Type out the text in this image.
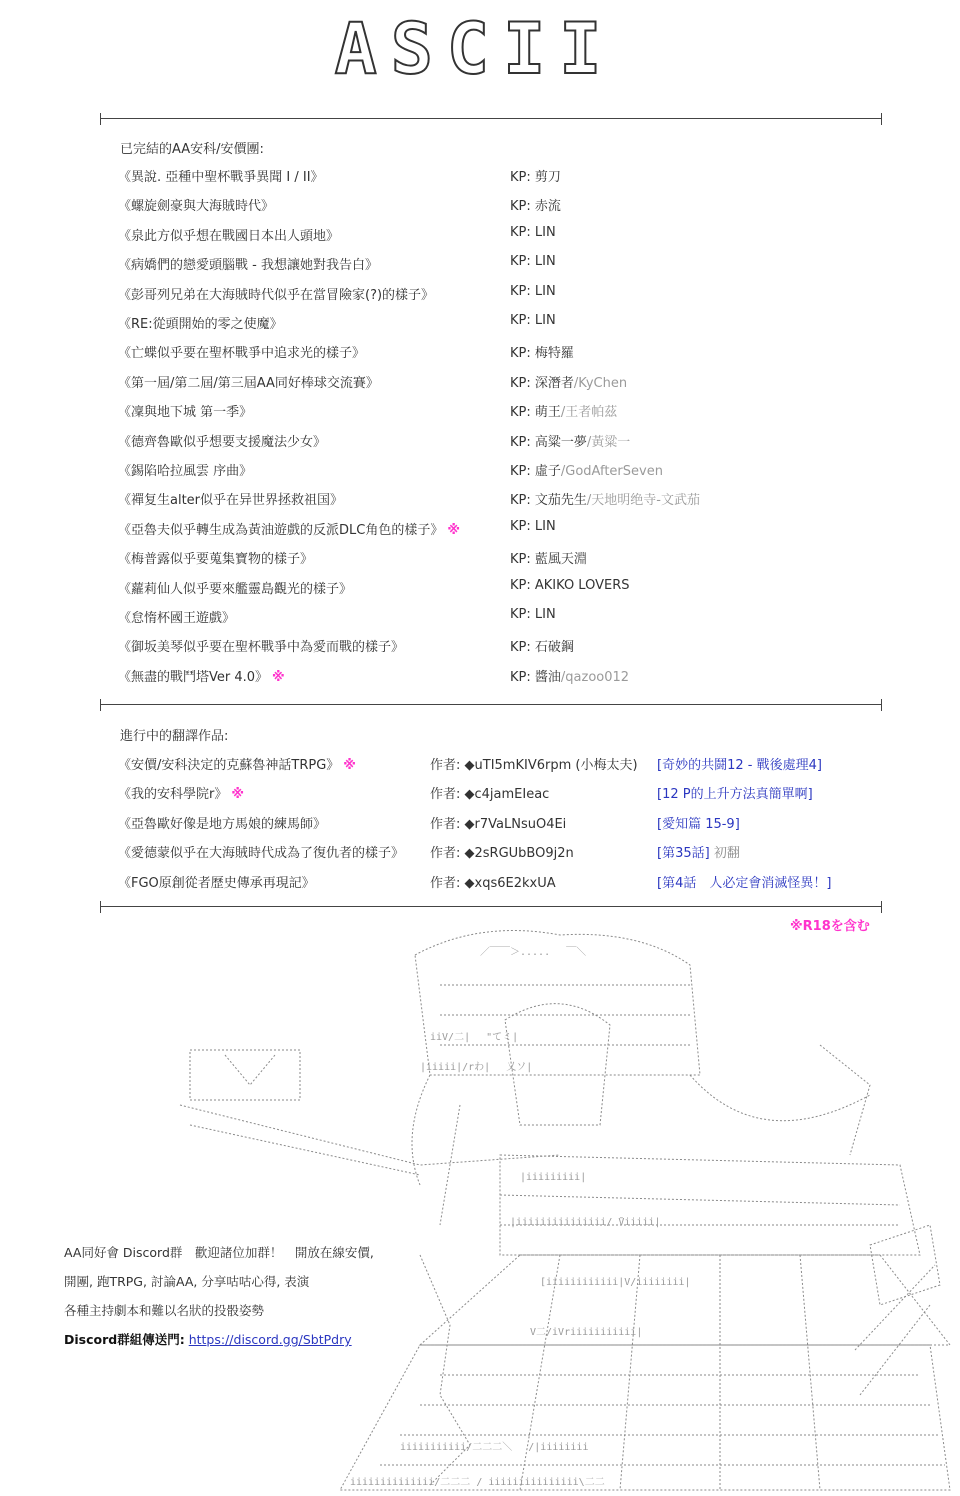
ASCII
已完結的AA安科/安價團:
《異說. 亞種中聖杯戰爭異聞 I / II》	KP: 剪刀
《螺旋劍豪與大海賊時代》	KP: 赤流
《泉此方似乎想在戰國日本出人頭地》	KP: LIN
《病嬌們的戀愛頭腦戰 - 我想讓她對我告白》	KP: LIN
《彭哥列兄弟在大海賊時代似乎在當冒險家(?)的樣子》	KP: LIN
《RE:從頭開始的零之使魔》	KP: LIN
《亡蝶似乎要在聖杯戰爭中追求光的樣子》	KP: 梅特羅
《第一屆/第二屆/第三屆AA同好棒球交流賽》	KP: 深潛者/KyChen
《凜與地下城 第一季》	KP: 萌王/王者帕茲
《德齊魯歐似乎想要支援魔法少女》	KP: 高粱一夢/黃粱一
《錫陷哈拉風雲 序曲》	KP: 虛子/GodAfterSeven
《禪复生alter似乎在异世界拯救祖国》	KP: 文茄先生/天地明绝寺-文武茄
《亞魯夫似乎轉生成為黃油遊戲的反派DLC角色的樣子》 ※	KP: LIN
《梅普露似乎要蒐集寶物的樣子》	KP: 藍風天淵
《蘿莉仙人似乎要來艦靈島觀光的樣子》	KP: AKIKO LOVERS
《怠惰杯國王遊戲》	KP: LIN
《御坂美琴似乎要在聖杯戰爭中為愛而戰的樣子》	KP: 石破鋼
《無盡的戰鬥塔Ver 4.0》 ※	KP: 醬油/qazoo012
進行中的翻譯作品:
《安價/安科決定的克蘇魯神話TRPG》 ※	作者: ◆uTI5mKIV6rpm (小梅太夫) [奇妙的共鬪12 - 戰後處理4]
《我的安科學院r》 ※	作者: ◆c4jamEIeac	[12 P的上升方法真簡單啊]
《亞魯歐好像是地方馬娘的練馬師》	作者: ◆r7VaLNsuO4Ei	[愛知篇 15-9]
《愛德蒙似乎在大海賊時代成為了復仇者的樣子》	作者: ◆2sRGUbBO9j2n	[第35話] 初翻
《FGO原創從者歷史傳承再現記》	作者: ◆xqs6E2kxUA	[第4話　人必定會消滅怪異！]
※R18を含む
／￣￣＞.....　 ￣＼
iiV/二|　 "てミ|
|iiiii|/rわ|　 乂ソ|
|iiiiiiiii|
|iiiiiiiiiiiiiii/ ̄Viiiii|
[iiiiiiiiiiii|V/iiiiiiii|
V二/iVriiiiiiiiiii|
iiiiiiiiiii/二二二＼　 /|iiiiiiii
iiiiiiiiiiiiii/二二二 / iiiiiiiiiiiiiii\二二
AA同好會 Discord群　歡迎諸位加群！　開放在線安價,
開團, 跑TRPG, 討論AA, 分享咕咕心得, 表演
各種主持劇本和難以名狀的投骰姿勢
Discord群組傳送門: https://discord.gg/SbtPdry
